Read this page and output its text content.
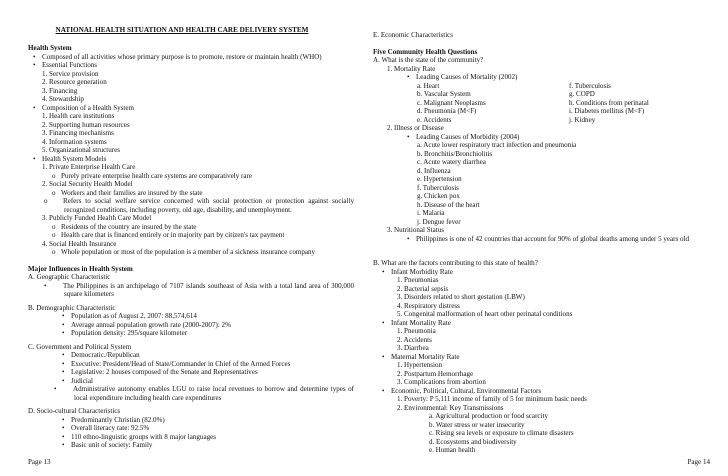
NATIONAL HEALTH SITUATION AND HEALTH CARE DELIVERY SYSTEM
Health System
• Composed of all activities whose primary purpose is to promote, restore or maintain health (WHO)
• Essential Functions
1. Service provision
2. Resource generation
3. Financing
4. Stewardship
• Composition of a Health System
1. Health care institutions
2. Supporting human resources
3. Financing mechanisms
4. Information systems
5. Organizational structures
• Health System Models
1. Private Enterprise Health Care
o Purely private enterprise health care systems are comparatively rare
2. Social Security Health Model
o Workers and their families are insured by the state
o Refers to social welfare service concerned with social protection or protection against socially recognized conditions, including poverty, old age, disability, and unemployment.
3. Publicly Funded Health Care Model
o Residents of the country are insured by the state
o Health care that is financed entirely or in majority part by citizen's tax payment
4. Social Health Insurance
o Whole population or most of the population is a member of a sickness insurance company
Major Influences in Health System
A. Geographic Characteristic
• The Philippines is an archipelago of 7107 islands southeast of Asia with a total land area of 300,000 square kilometers
B. Demographic Characteristic
• Population as of August 2, 2007: 88,574,614
• Average annual population growth rate (2000-2007): 2%
• Population density: 295/square kilometer
C. Government and Political System
• Democratic./Republican
• Executive: President/Head of State/Commander in Chief of the Armed Forces
• Legislative: 2 houses composed of the Senate and Representatives
• Judicial
• Administrative autonomy enables LGU to raise local revenues to borrow and determine types of local expenditure including health care expenditures
D. Socio-cultural Characteristics
• Predominantly Christian (82.0%)
• Overall literacy rate: 92.5%
• 110 ethno-linguistic groups with 8 major languages
• Basic unit of society: Family
Page 13
E. Economic Characteristics
Five Community Health Questions
A. What is the state of the community?
1. Mortality Rate
• Leading Causes of Mortality (2002)
a. Heart
b. Vascular System
c. Malignant Neoplasms
d. Pneumonia (M<F)
e. Accidents
f. Tuberculosis
g. COPD
h. Conditions from perinatal
i. Diabetes mellitus (M<F)
j. Kidney
2. Illness or Disease
• Leading Causes of Morbidity (2004)
a. Acute lower respiratory tract infection and pneumonia
b. Bronchitis/Bronchiolitis
c. Acute watery diarrhea
d. Influenza
e. Hypertension
f. Tuberculosis
g. Chicken pox
h. Disease of the heart
i. Malaria
j. Dengue fever
3. Nutritional Status
• Philippines is one of 42 countries that account for 90% of global deaths among under 5 years old
B. What are the factors contributing to this state of health?
• Infant Morbidity Rate
1. Pneumonias
2. Bacterial sepsis
3. Disorders related to short gestation (LBW)
4. Respiratory distress
5. Congenital malformation of heart other perinatal conditions
• Infant Mortality Rate
1. Pneumonia
2. Accidents
3. Diarrhea
• Maternal Mortality Rate
1. Hypertension
2. Postpartum Hemorrhage
3. Complications from abortion
• Economic, Political, Cultural, Environmental Factors
1. Poverty: P 5,111 income of family of 5 for minimum basic needs
2. Environmental: Key Transmissions
a. Agricultural production or food scarcity
b. Water stress or water insecurity
c. Rising sea levels or exposure to climate disasters
d. Ecosystems and biodiversity
e. Human health
Page 14
